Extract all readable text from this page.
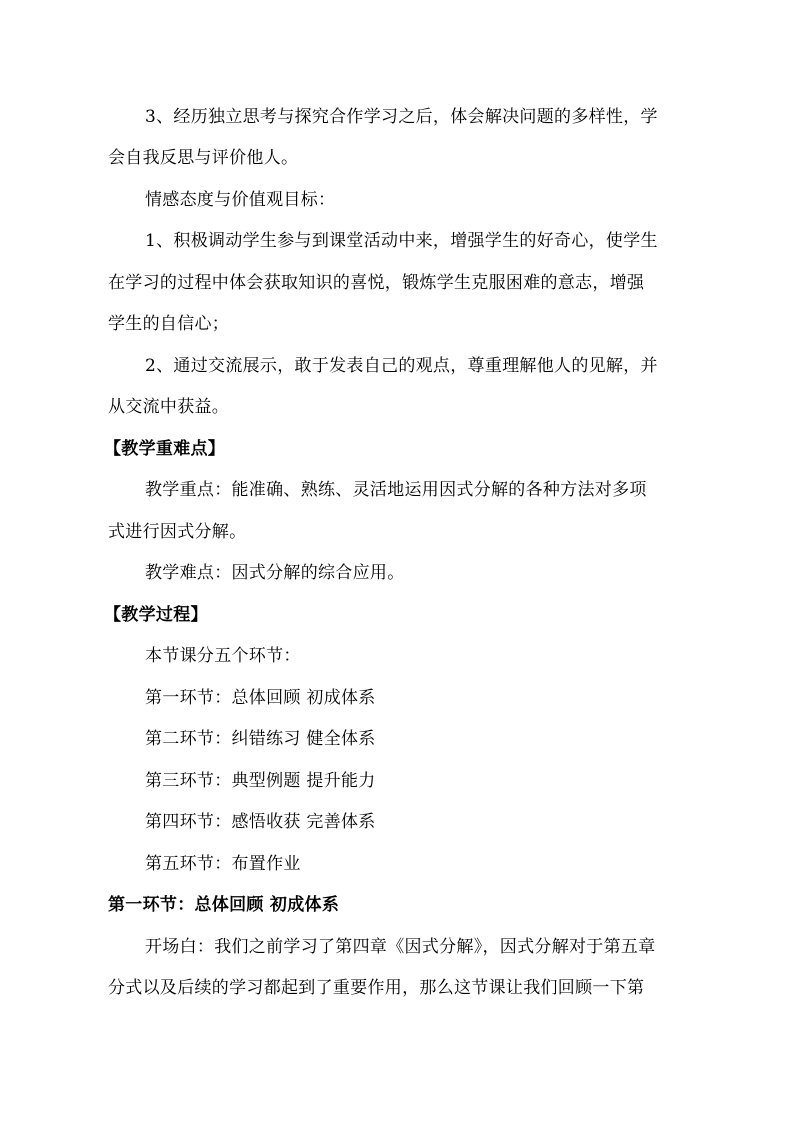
3、经历独立思考与探究合作学习之后，体会解决问题的多样性，学
会自我反思与评价他人。
情感态度与价值观目标：
1、积极调动学生参与到课堂活动中来，增强学生的好奇心，使学生
在学习的过程中体会获取知识的喜悦，锻炼学生克服困难的意志，增强
学生的自信心；
2、通过交流展示，敢于发表自己的观点，尊重理解他人的见解，并
从交流中获益。
【教学重难点】
教学重点：能准确、熟练、灵活地运用因式分解的各种方法对多项
式进行因式分解。
教学难点：因式分解的综合应用。
【教学过程】
本节课分五个环节：
第一环节：总体回顾 初成体系
第二环节：纠错练习 健全体系
第三环节：典型例题 提升能力
第四环节：感悟收获 完善体系
第五环节：布置作业
第一环节：总体回顾 初成体系
开场白：我们之前学习了第四章《因式分解》，因式分解对于第五章
分式以及后续的学习都起到了重要作用，那么这节课让我们回顾一下第
